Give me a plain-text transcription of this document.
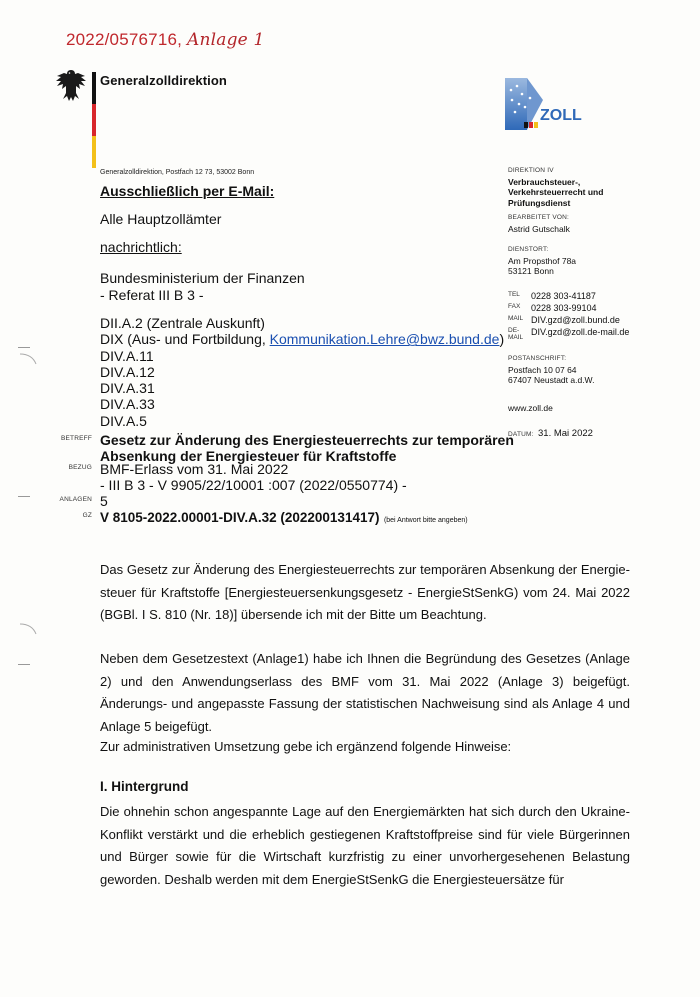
2022/0576716, Anlage 1
Generalzolldirektion
ZOLL
Generalzolldirektion, Postfach 12 73, 53002 Bonn
Ausschließlich per E-Mail:
Alle Hauptzollämter
nachrichtlich:
Bundesministerium der Finanzen
- Referat III B 3 -
DII.A.2 (Zentrale Auskunft)
DIX (Aus- und Fortbildung, Kommunikation.Lehre@bwz.bund.de)
DIV.A.11
DIV.A.12
DIV.A.31
DIV.A.33
DIV.A.5
DIREKTION IV
Verbrauchsteuer-,
Verkehrsteuerrecht und
Prüfungsdienst
BEARBEITET VON:
Astrid Gutschalk
DIENSTORT:
Am Propsthof 78a
53121 Bonn
TEL 0228 303-41187
FAX 0228 303-99104
MAIL DIV.gzd@zoll.bund.de
DE-MAIL
DIV.gzd@zoll.de-mail.de
POSTANSCHRIFT:
Postfach 10 07 64
67407 Neustadt a.d.W.
www.zoll.de
DATUM: 31. Mai 2022
BETREFF Gesetz zur Änderung des Energiesteuerrechts zur temporären
Absenkung der Energiesteuer für Kraftstoffe
BEZUG BMF-Erlass vom 31. Mai 2022
- III B 3 - V 9905/22/10001 :007 (2022/0550774) -
ANLAGEN 5
GZ V 8105-2022.00001-DIV.A.32 (202200131417) (bei Antwort bitte angeben)
Das Gesetz zur Änderung des Energiesteuerrechts zur temporären Absenkung der Energie-steuer für Kraftstoffe [Energiesteuersenkungsgesetz - EnergieStSenkG) vom 24. Mai 2022 (BGBl. I S. 810 (Nr. 18)] übersende ich mit der Bitte um Beachtung.
Neben dem Gesetzestext (Anlage1) habe ich Ihnen die Begründung des Gesetzes (Anlage 2) und den Anwendungserlass des BMF vom 31. Mai 2022 (Anlage 3) beigefügt. Änderungs- und angepasste Fassung der statistischen Nachweisung sind als Anlage 4 und Anlage 5 beigefügt.
Zur administrativen Umsetzung gebe ich ergänzend folgende Hinweise:
I. Hintergrund
Die ohnehin schon angespannte Lage auf den Energiemärkten hat sich durch den Ukraine-Konflikt verstärkt und die erheblich gestiegenen Kraftstoffpreise sind für viele Bürgerinnen und Bürger sowie für die Wirtschaft kurzfristig zu einer unvorhergesehenen Belastung geworden. Deshalb werden mit dem EnergieStSenkG die Energiesteuersätze für
